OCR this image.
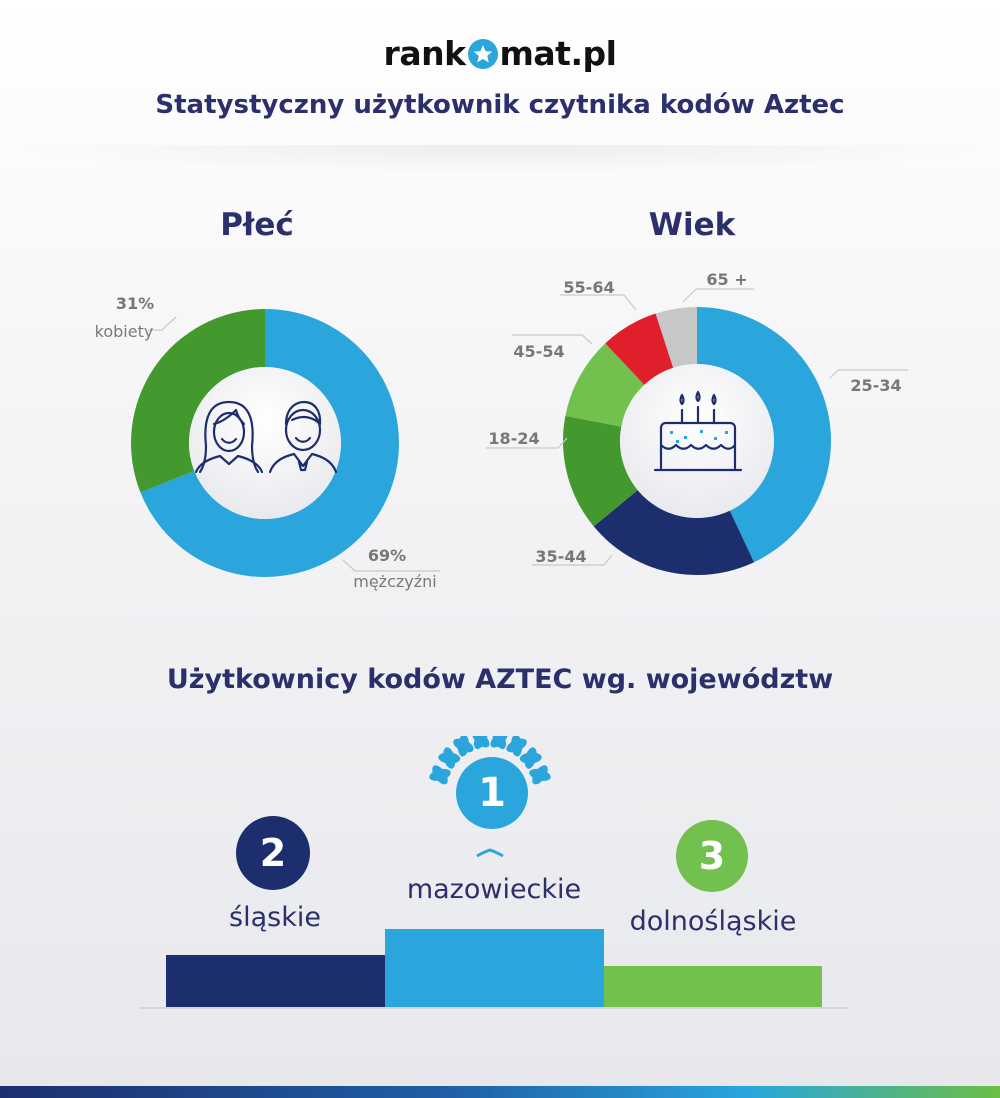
rank mat.pl
Statystyczny użytkownik czytnika kodów Aztec
Płeć
31%
kobiety
69%
mężczyźni
Wiek
25-34
35-44
18-24
45-54
55-64	65 +
Użytkownicy kodów AZTEC wg. województw
2
1
3
śląskie
mazowieckie
dolnośląskie
